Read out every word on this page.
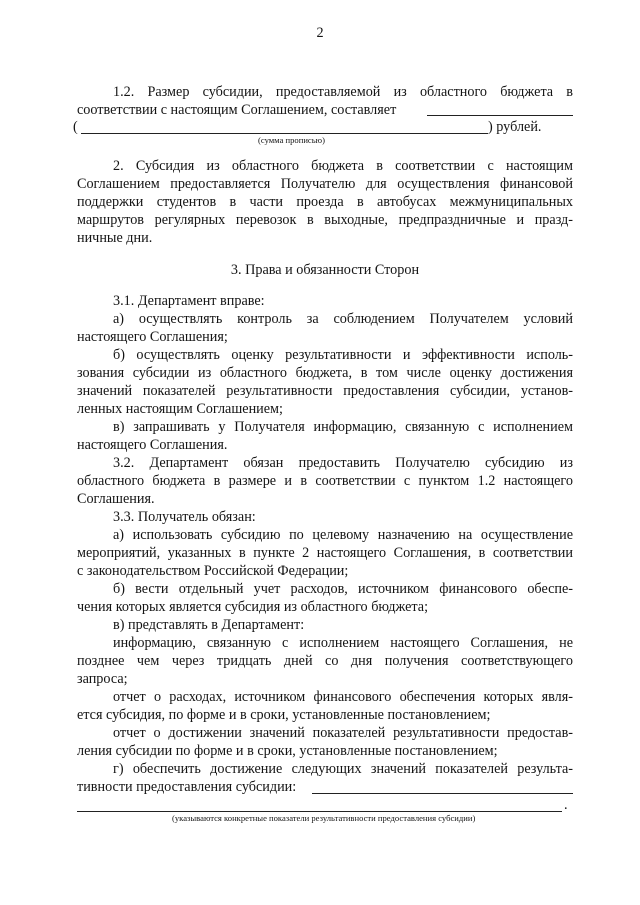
2
1.2. Размер субсидии, предоставляемой из областного бюджета в
соответствии с настоящим Соглашением, составляет
(	) рублей.
(сумма прописью)
2. Субсидия из областного бюджета в соответствии с настоящим
Соглашением предоставляется Получателю для осуществления финансовой
поддержки студентов в части проезда в автобусах межмуниципальных
маршрутов регулярных перевозок в выходные, предпраздничные и празд-
ничные дни.
3. Права и обязанности Сторон
3.1. Департамент вправе:
а) осуществлять контроль за соблюдением Получателем условий
настоящего Соглашения;
б) осуществлять оценку результативности и эффективности исполь-
зования субсидии из областного бюджета, в том числе оценку достижения
значений показателей результативности предоставления субсидии, установ-
ленных настоящим Соглашением;
в) запрашивать у Получателя информацию, связанную с исполнением
настоящего Соглашения.
3.2. Департамент обязан предоставить Получателю субсидию из
областного бюджета в размере и в соответствии с пунктом 1.2 настоящего
Соглашения.
3.3. Получатель обязан:
а) использовать субсидию по целевому назначению на осуществление
мероприятий, указанных в пункте 2 настоящего Соглашения, в соответствии
с законодательством Российской Федерации;
б) вести отдельный учет расходов, источником финансового обеспе-
чения которых является субсидия из областного бюджета;
в) представлять в Департамент:
информацию, связанную с исполнением настоящего Соглашения, не
позднее чем через тридцать дней со дня получения соответствующего
запроса;
отчет о расходах, источником финансового обеспечения которых явля-
ется субсидия, по форме и в сроки, установленные постановлением;
отчет о достижении значений показателей результативности предостав-
ления субсидии по форме и в сроки, установленные постановлением;
г) обеспечить достижение следующих значений показателей результа-
тивности предоставления субсидии:
.
(указываются конкретные показатели результативности предоставления субсидии)
